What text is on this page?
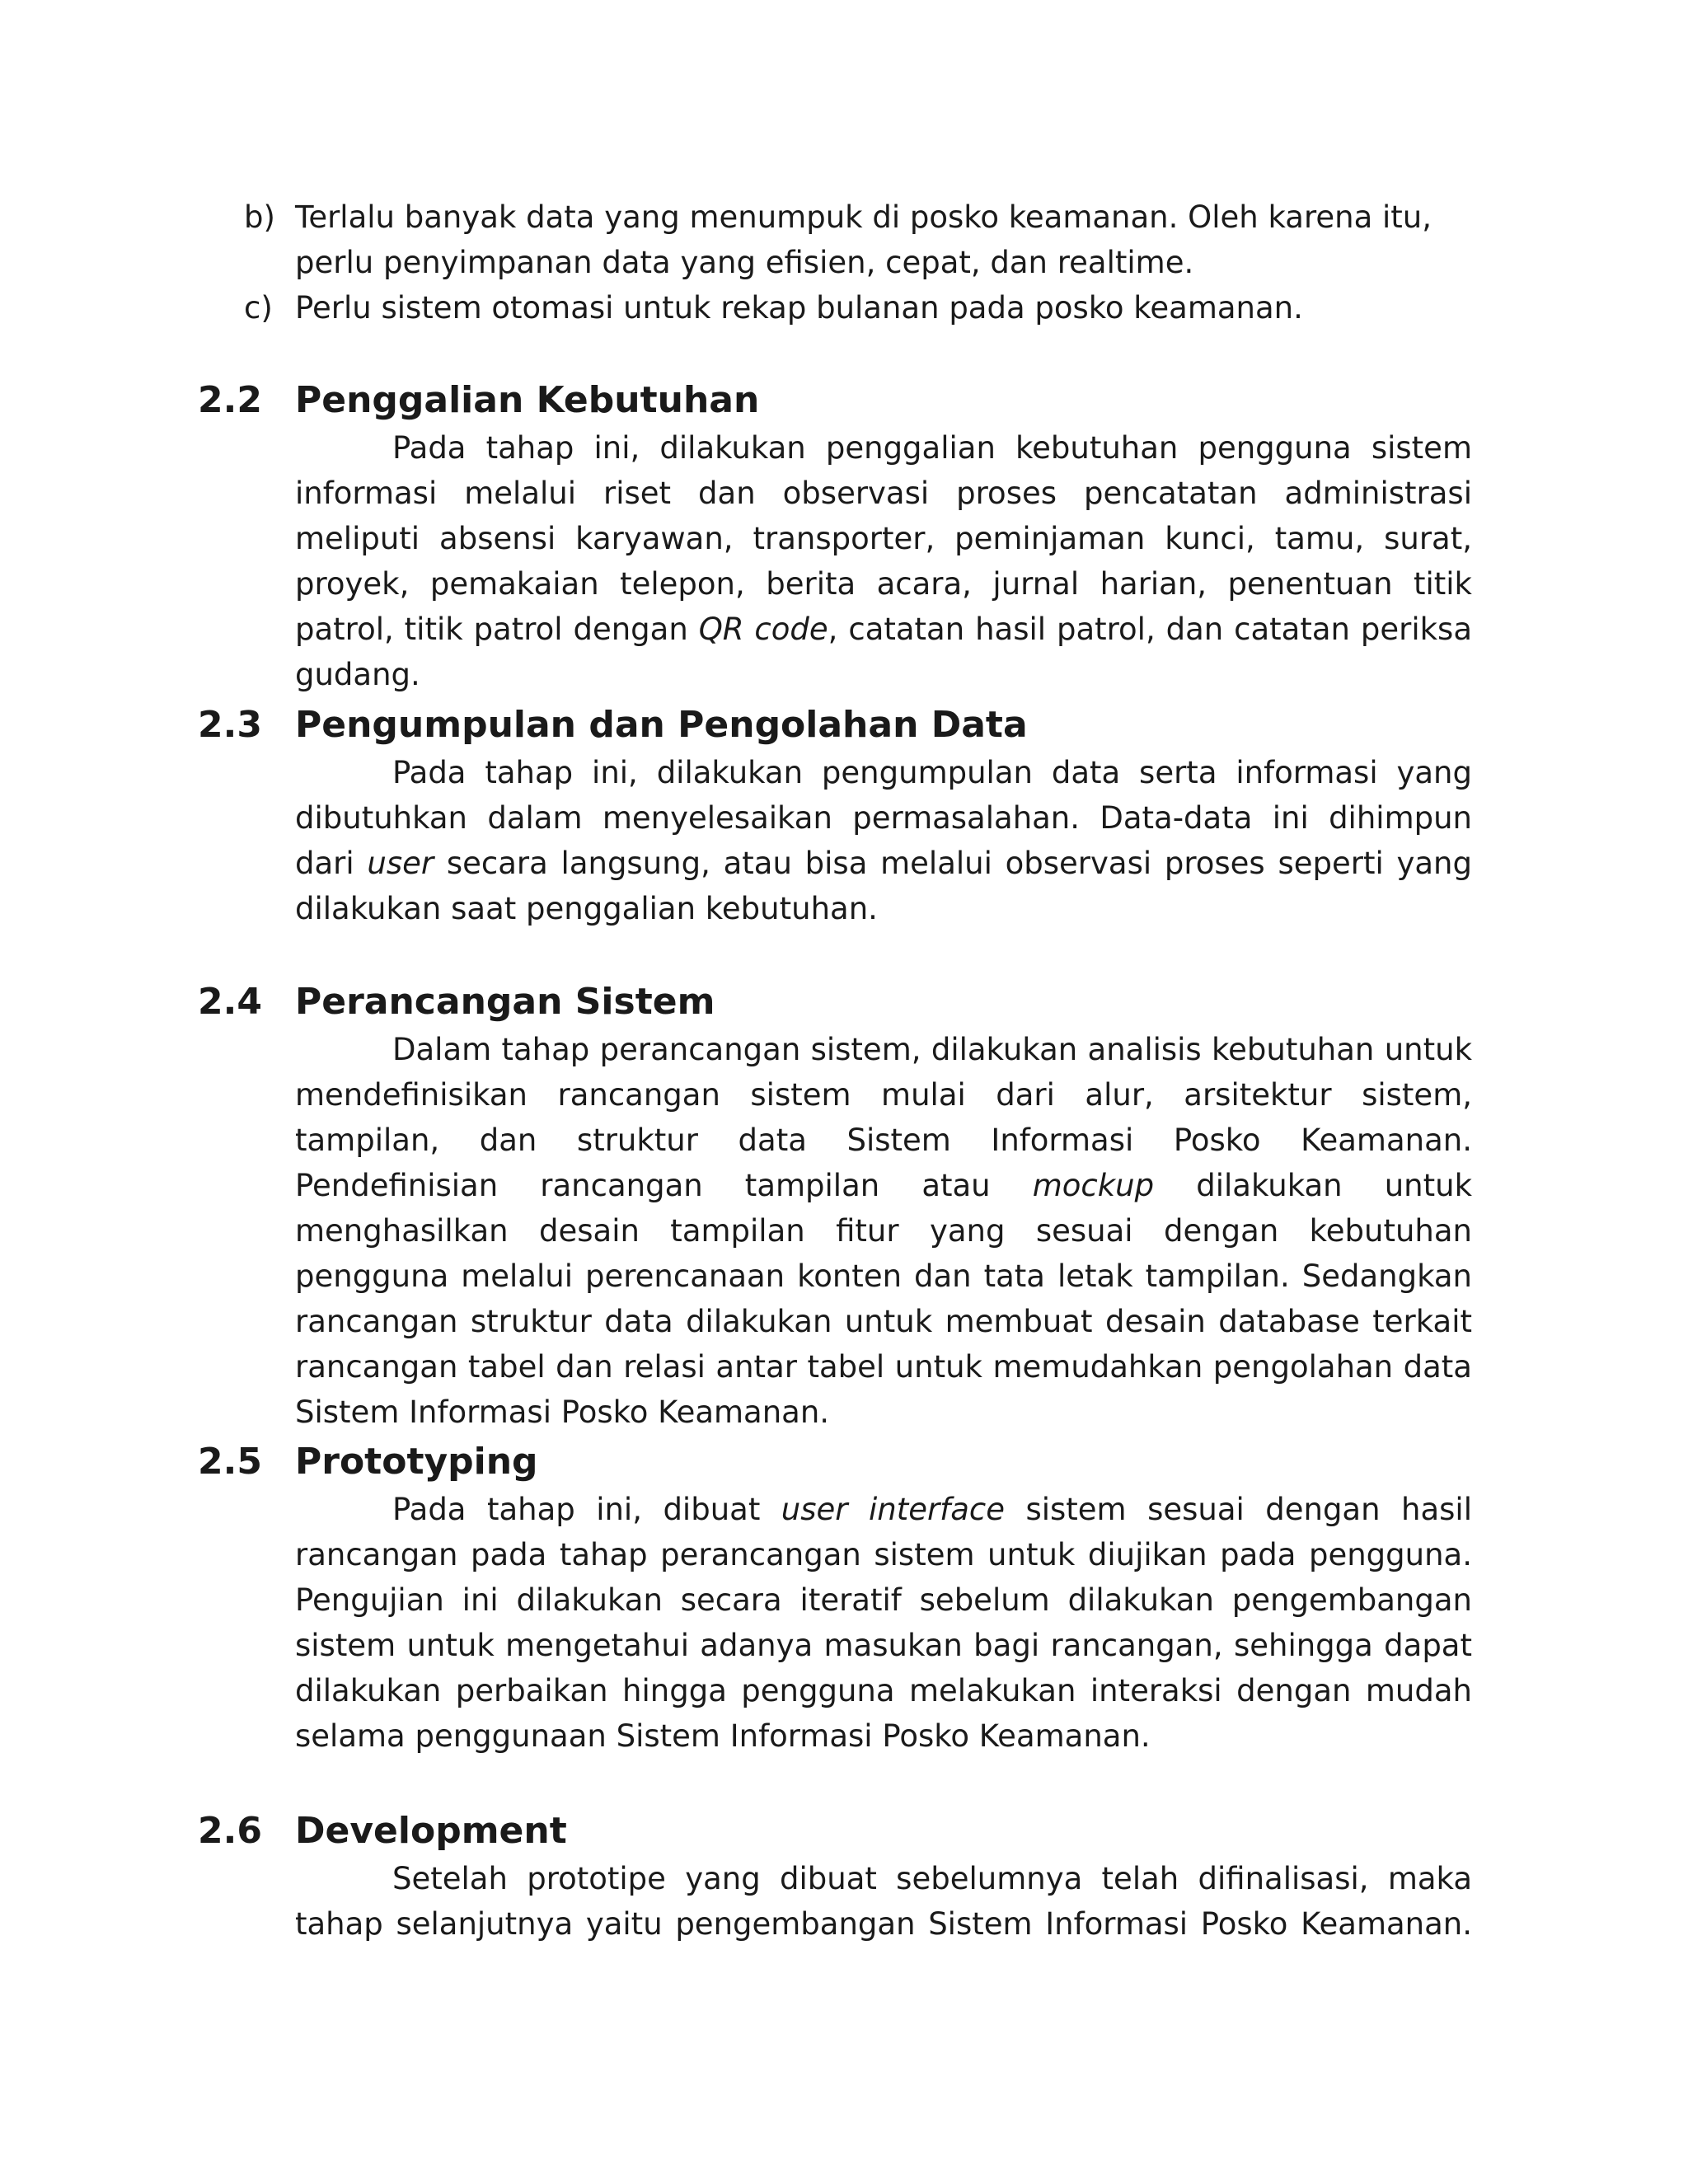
b) Terlalu banyak data yang menumpuk di posko keamanan. Oleh karena itu, perlu penyimpanan data yang efisien, cepat, dan realtime.
c) Perlu sistem otomasi untuk rekap bulanan pada posko keamanan.
2.2 Penggalian Kebutuhan

Pada tahap ini, dilakukan penggalian kebutuhan pengguna sistem informasi melalui riset dan observasi proses pencatatan administrasi meliputi absensi karyawan, transporter, peminjaman kunci, tamu, surat, proyek, pemakaian telepon, berita acara, jurnal harian, penentuan titik patrol, titik patrol dengan QR code, catatan hasil patrol, dan catatan periksa gudang.

2.3 Pengumpulan dan Pengolahan Data

Pada tahap ini, dilakukan pengumpulan data serta informasi yang dibutuhkan dalam menyelesaikan permasalahan. Data-data ini dihimpun dari user secara langsung, atau bisa melalui observasi proses seperti yang dilakukan saat penggalian kebutuhan.

2.4 Perancangan Sistem

Dalam tahap perancangan sistem, dilakukan analisis kebutuhan untuk mendefinisikan rancangan sistem mulai dari alur, arsitektur sistem, tampilan, dan struktur data Sistem Informasi Posko Keamanan. Pendefinisian rancangan tampilan atau mockup dilakukan untuk menghasilkan desain tampilan fitur yang sesuai dengan kebutuhan pengguna melalui perencanaan konten dan tata letak tampilan. Sedangkan rancangan struktur data dilakukan untuk membuat desain database terkait rancangan tabel dan relasi antar tabel untuk memudahkan pengolahan data Sistem Informasi Posko Keamanan.

2.5 Prototyping

Pada tahap ini, dibuat user interface sistem sesuai dengan hasil rancangan pada tahap perancangan sistem untuk diujikan pada pengguna. Pengujian ini dilakukan secara iteratif sebelum dilakukan pengembangan sistem untuk mengetahui adanya masukan bagi rancangan, sehingga dapat dilakukan perbaikan hingga pengguna melakukan interaksi dengan mudah selama penggunaan Sistem Informasi Posko Keamanan.

2.6 Development

Setelah prototipe yang dibuat sebelumnya telah difinalisasi, maka tahap selanjutnya yaitu pengembangan Sistem Informasi Posko Keamanan.
